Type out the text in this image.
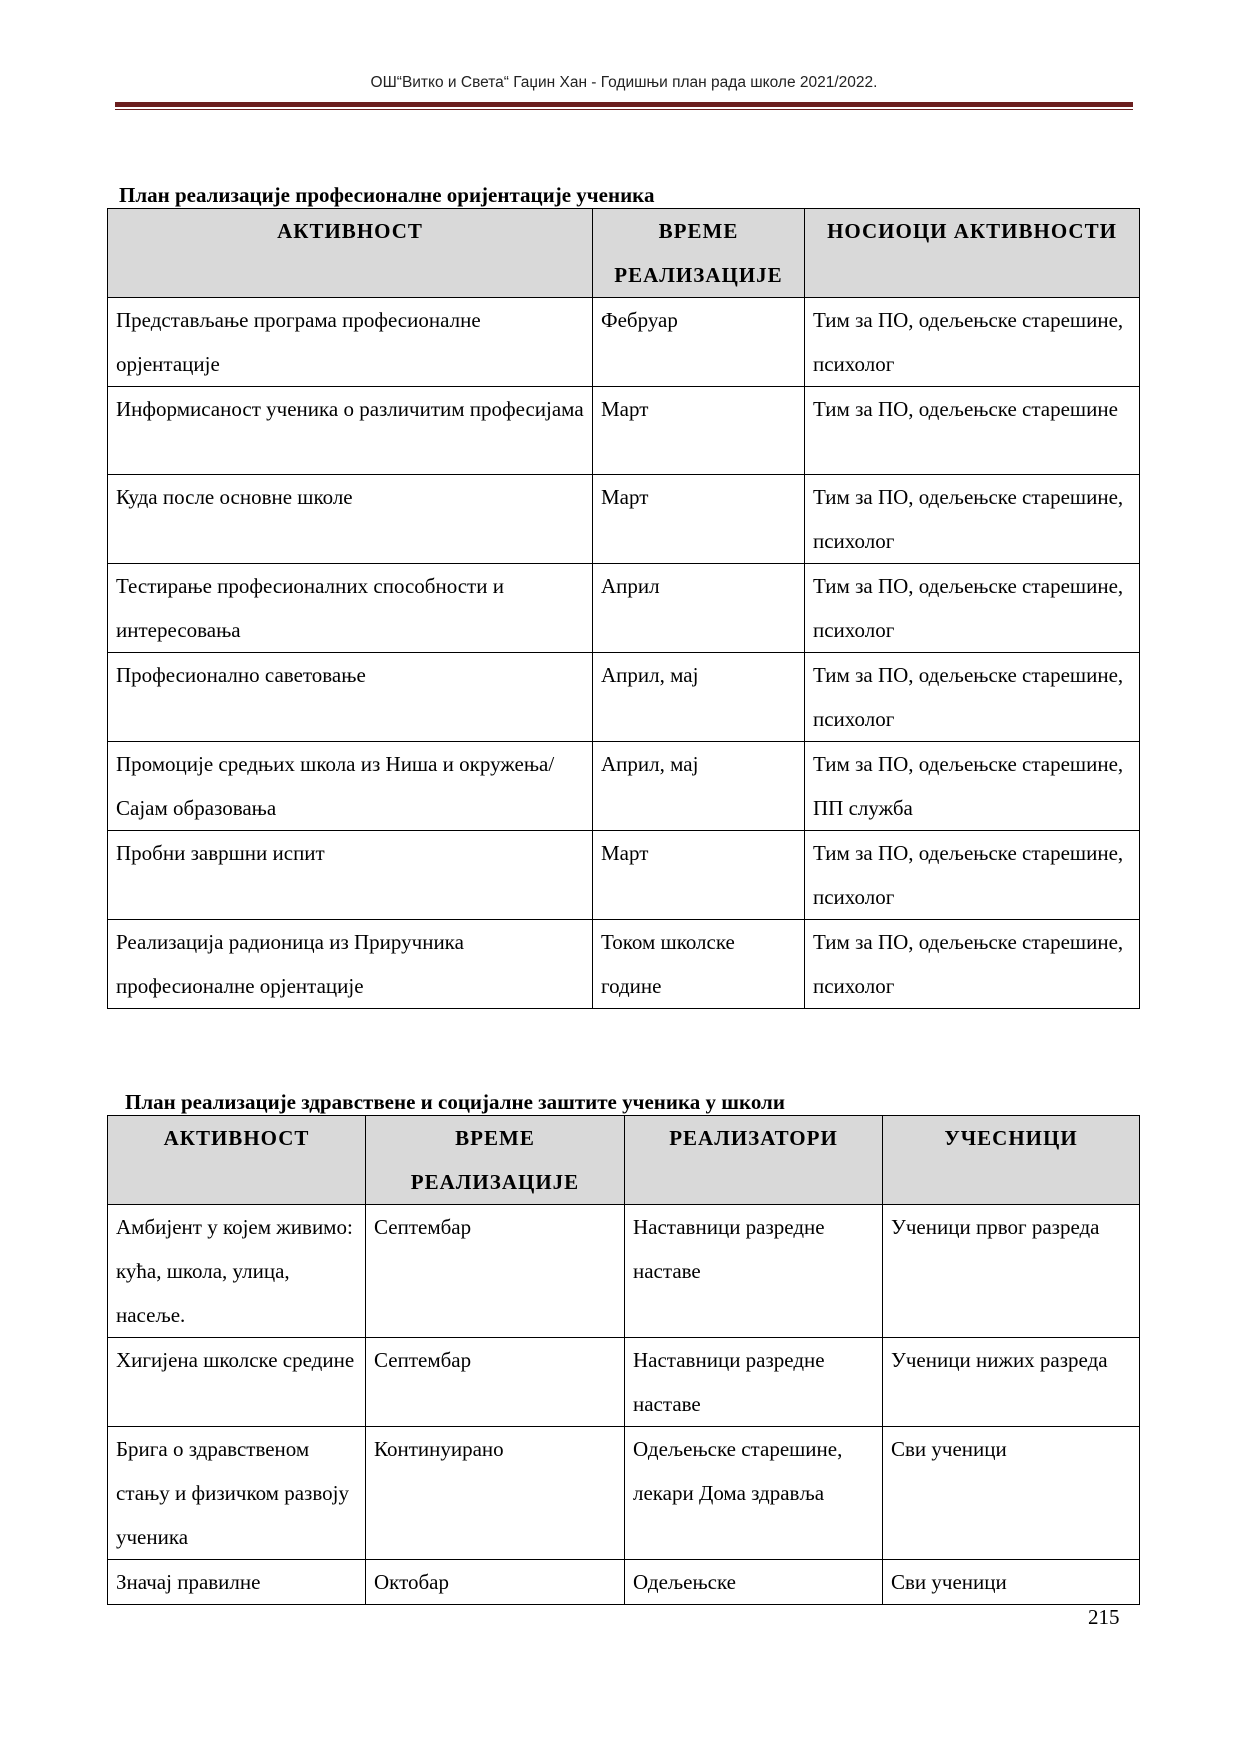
ОШ“Витко и Света“ Гаџин Хан - Годишњи план рада школе 2021/2022.
План реализације професионалне оријентације ученика
АКТИВНОСТ	ВРЕМЕ РЕАЛИЗАЦИЈЕ	НОСИОЦИ АКТИВНОСТИ
Представљање програма професионалне орјентације	Фебруар	Тим за ПО, одељењске старешине, психолог
Информисаност ученика о различитим професијама	Март	Тим за ПО, одељењске старешине
Куда после основне школе	Март	Тим за ПО, одељењске старешине, психолог
Тестирање професионалних способности и интересовања	Април	Тим за ПО, одељењске старешине, психолог
Професионално саветовање	Април, мај	Тим за ПО, одељењске старешине, психолог
Промоције средњих школа из Ниша и окружења/ Сајам образовања	Април, мај	Тим за ПО, одељењске старешине, ПП служба
Пробни завршни испит	Март	Тим за ПО, одељењске старешине, психолог
Реализација радионица из Приручника професионалне орјентације	Током школске године	Тим за ПО, одељењске старешине, психолог
План реализације здравствене и социјалне заштите ученика у школи
АКТИВНОСТ	ВРЕМЕ РЕАЛИЗАЦИЈЕ	РЕАЛИЗАТОРИ	УЧЕСНИЦИ
Амбијент у којем живимо: кућа, школа, улица, насеље.	Септембар	Наставници разредне наставе	Ученици првог разреда
Хигијена школске средине	Септембар	Наставници разредне наставе	Ученици нижих разреда
Брига о здравственом стању и физичком развоју ученика	Континуирано	Одељењске старешине, лекари Дома здравља	Сви ученици
Значај правилне	Октобар	Одељењске	Сви ученици
215
